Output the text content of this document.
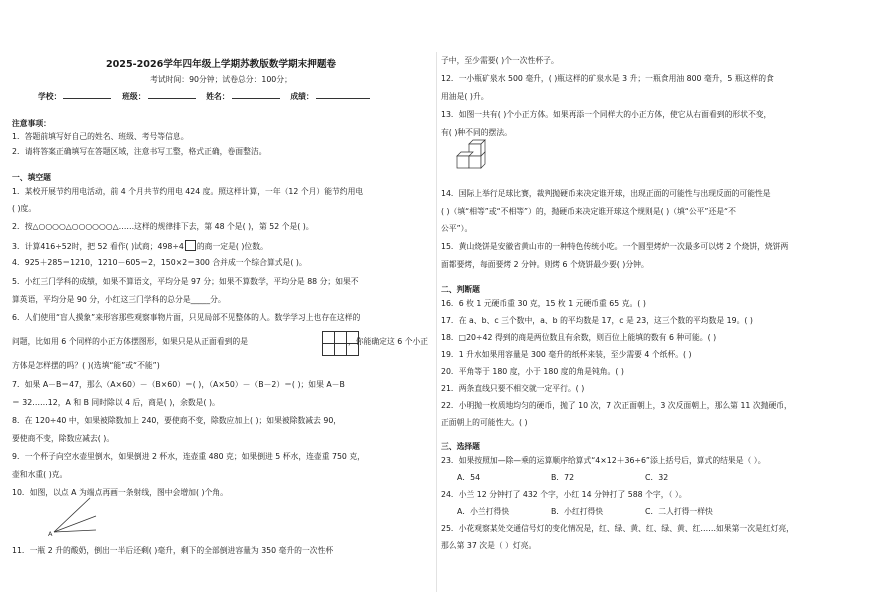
2025-2026学年四年级上学期苏教版数学期末押题卷
考试时间：90分钟；试卷总分：100分；
学校：	班级：	姓名：	成绩：
注意事项：
1．答题前填写好自己的姓名、班级、考号等信息。
2．请将答案正确填写在答题区域，注意书写工整，格式正确，卷面整洁。
一、填空题
1．某校开展节约用电活动，前 4 个月共节约用电 424 度。照这样计算，一年（12 个月）能节约用电
( )度。
2．按△○○○○△○○○○○○△……这样的规律排下去，第 48 个是( )，第 52 个是( )。
3．计算416÷52时，把 52 看作( )试商；498÷4 的商一定是( )位数。
4．925＋285＝1210，1210－605＝2，150×2＝300 合并成一个综合算式是( )。
5．小红三门学科的成绩，如果不算语文，平均分是 97 分；如果不算数学，平均分是 88 分；如果不
算英语，平均分是 90 分，小红这三门学科的总分是_____分。
6．人们使用“盲人摸象”来形容那些观察事物片面，只见局部不见整体的人。数学学习上也存在这样的
问题，比如用 6 个同样的小正方体摆图形，如果只是从正面看到的是	，你能确定这 6 个小正
方体是怎样摆的吗？( )(选填“能”或“不能”)
7．如果 A－B＝47，那么（A×60）－（B×60）＝( )，（A×50）－（B－2）＝( )；如果 A－B
＝ 32……12，A 和 B 同时除以 4 后，商是( )，余数是( )。
8．在 120÷40 中，如果被除数加上 240，要使商不变，除数应加上( )；如果被除数减去 90，
要使商不变，除数应减去( )。
9．一个杯子向空水壶里倒水，如果倒进 2 杯水，连壶重 480 克；如果倒进 5 杯水，连壶重 750 克，
壶和水重( )克。
10．如图，以点 A 为端点再画一条射线，图中会增加( )个角。
A
11．一瓶 2 升的酸奶，倒出一半后还剩( )毫升，剩下的全部倒进容量为 350 毫升的一次性杯
子中，至少需要( )个一次性杯子。
12．一小瓶矿泉水 500 毫升，( )瓶这样的矿泉水是 3 升；一瓶食用油 800 毫升，5 瓶这样的食
用油是( )升。
13．如图一共有( )个小正方体。如果再添一个同样大的小正方体，使它从右面看到的形状不变，
有( )种不同的摆法。
14．国际上举行足球比赛，裁判抛硬币来决定谁开球，出现正面的可能性与出现反面的可能性是
( )（填“相等”或“不相等”）的，抛硬币来决定谁开球这个规则是( )（填“公平”还是“不
公平”）。
15．黄山烧饼是安徽省黄山市的一种特色传统小吃。一个圆型烤炉一次最多可以烤 2 个烧饼，烧饼两
面都要烤，每面要烤 2 分钟。则烤 6 个烧饼最少要( )分钟。
二、判断题
16．6 枚 1 元硬币重 30 克，15 枚 1 元硬币重 65 克。( )
17．在 a、b、c 三个数中，a、b 的平均数是 17，c 是 23，这三个数的平均数是 19。( )
18．□20÷42 得到的商是两位数且有余数，则百位上能填的数有 6 种可能。( )
19．1 升水如果用容量是 300 毫升的纸杯来装，至少需要 4 个纸杯。( )
20．平角等于 180 度，小于 180 度的角是钝角。( )
21．两条直线只要不相交就一定平行。( )
22．小明抛一枚质地均匀的硬币，抛了 10 次，7 次正面朝上，3 次反面朝上，那么第 11 次抛硬币，
正面朝上的可能性大。( )
三、选择题
23．如果按照加—除—乘的运算顺序给算式“4×12＋36÷6”添上括号后，算式的结果是（ ）。
A．54	B．72	C．32
24．小兰 12 分钟打了 432 个字，小红 14 分钟打了 588 个字，（ ）。
A．小兰打得快	B．小红打得快	C．二人打得一样快
25．小花观察某处交通信号灯的变化情况是，红、绿、黄、红、绿、黄、红……如果第一次是红灯亮，
那么第 37 次是（ ）灯亮。
